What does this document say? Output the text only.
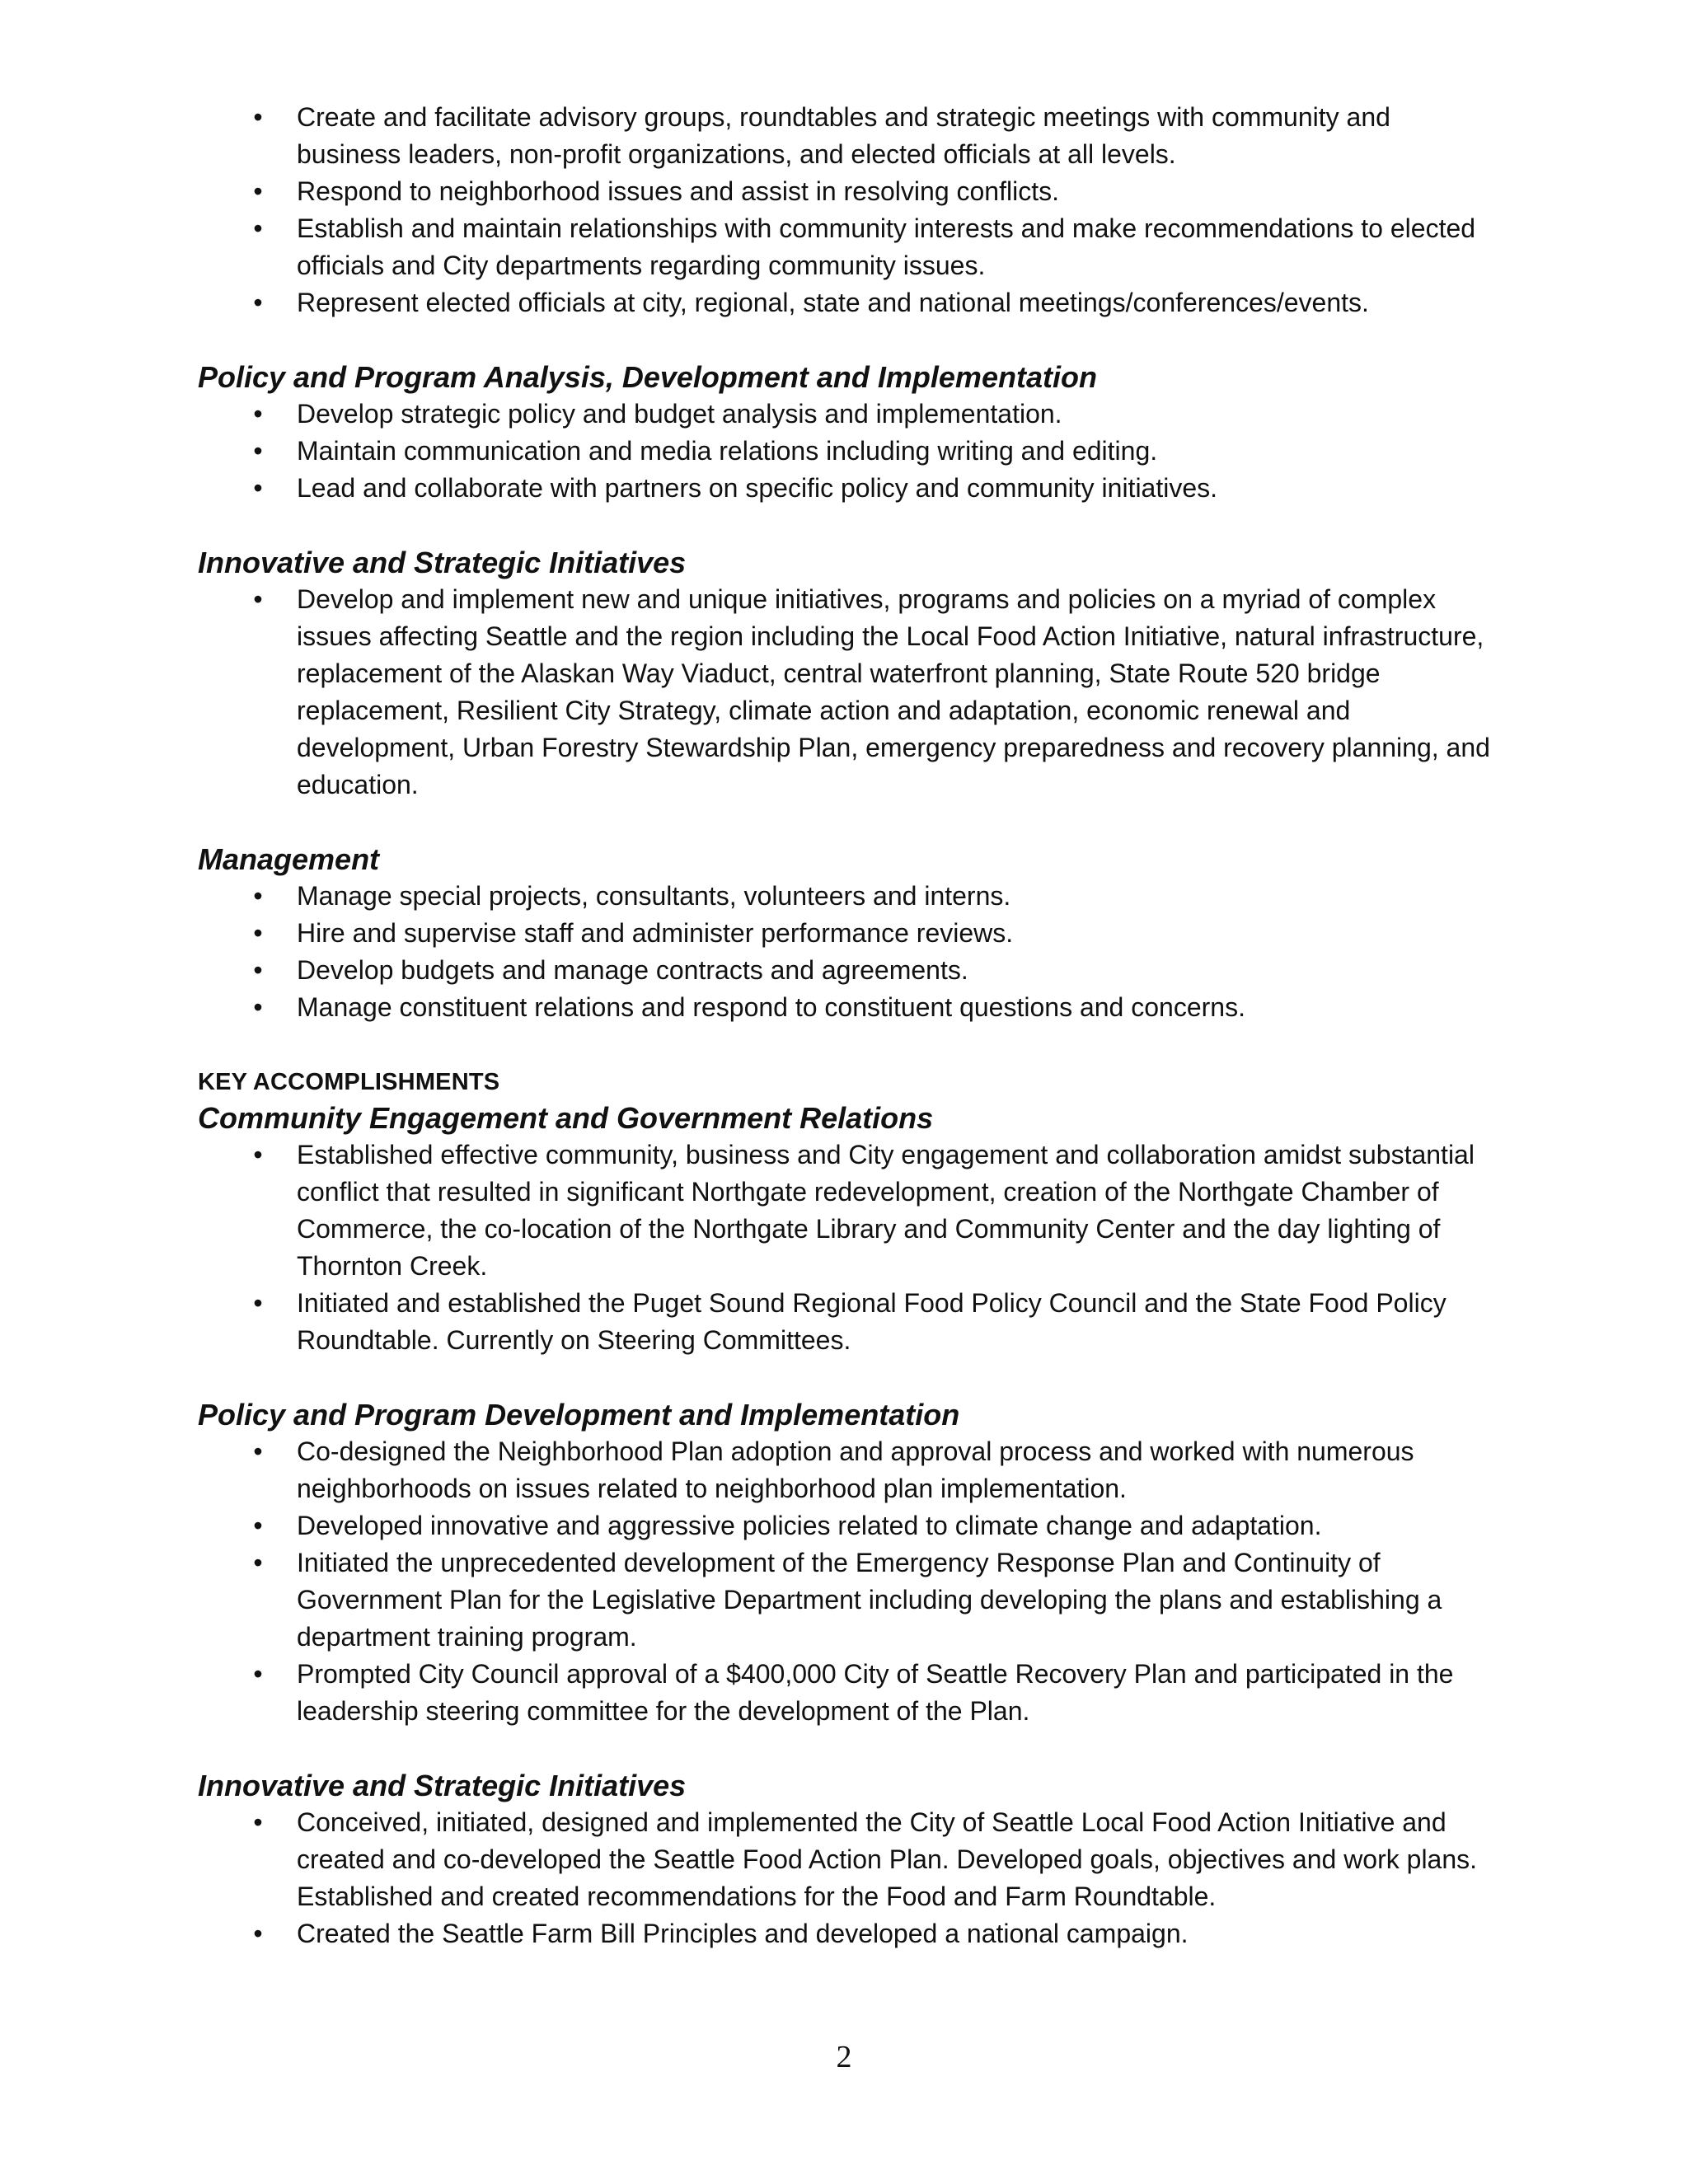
• Create and facilitate advisory groups, roundtables and strategic meetings with community and business leaders, non-profit organizations, and elected officials at all levels.
• Respond to neighborhood issues and assist in resolving conflicts.
• Establish and maintain relationships with community interests and make recommendations to elected officials and City departments regarding community issues.
• Represent elected officials at city, regional, state and national meetings/conferences/events.

Policy and Program Analysis, Development and Implementation

• Develop strategic policy and budget analysis and implementation.
• Maintain communication and media relations including writing and editing.
• Lead and collaborate with partners on specific policy and community initiatives.

Innovative and Strategic Initiatives

• Develop and implement new and unique initiatives, programs and policies on a myriad of complex issues affecting Seattle and the region including the Local Food Action Initiative, natural infrastructure, replacement of the Alaskan Way Viaduct, central waterfront planning, State Route 520 bridge replacement, Resilient City Strategy, climate action and adaptation, economic renewal and development, Urban Forestry Stewardship Plan, emergency preparedness and recovery planning, and education.

Management

• Manage special projects, consultants, volunteers and interns.
• Hire and supervise staff and administer performance reviews.
• Develop budgets and manage contracts and agreements.
• Manage constituent relations and respond to constituent questions and concerns.

KEY ACCOMPLISHMENTS

Community Engagement and Government Relations

• Established effective community, business and City engagement and collaboration amidst substantial conflict that resulted in significant Northgate redevelopment, creation of the Northgate Chamber of Commerce, the co-location of the Northgate Library and Community Center and the day lighting of Thornton Creek.
• Initiated and established the Puget Sound Regional Food Policy Council and the State Food Policy Roundtable. Currently on Steering Committees.

Policy and Program Development and Implementation

• Co-designed the Neighborhood Plan adoption and approval process and worked with numerous neighborhoods on issues related to neighborhood plan implementation.
• Developed innovative and aggressive policies related to climate change and adaptation.
• Initiated the unprecedented development of the Emergency Response Plan and Continuity of Government Plan for the Legislative Department including developing the plans and establishing a department training program.
• Prompted City Council approval of a $400,000 City of Seattle Recovery Plan and participated in the leadership steering committee for the development of the Plan.

Innovative and Strategic Initiatives

• Conceived, initiated, designed and implemented the City of Seattle Local Food Action Initiative and created and co-developed the Seattle Food Action Plan. Developed goals, objectives and work plans. Established and created recommendations for the Food and Farm Roundtable.
• Created the Seattle Farm Bill Principles and developed a national campaign.
2
